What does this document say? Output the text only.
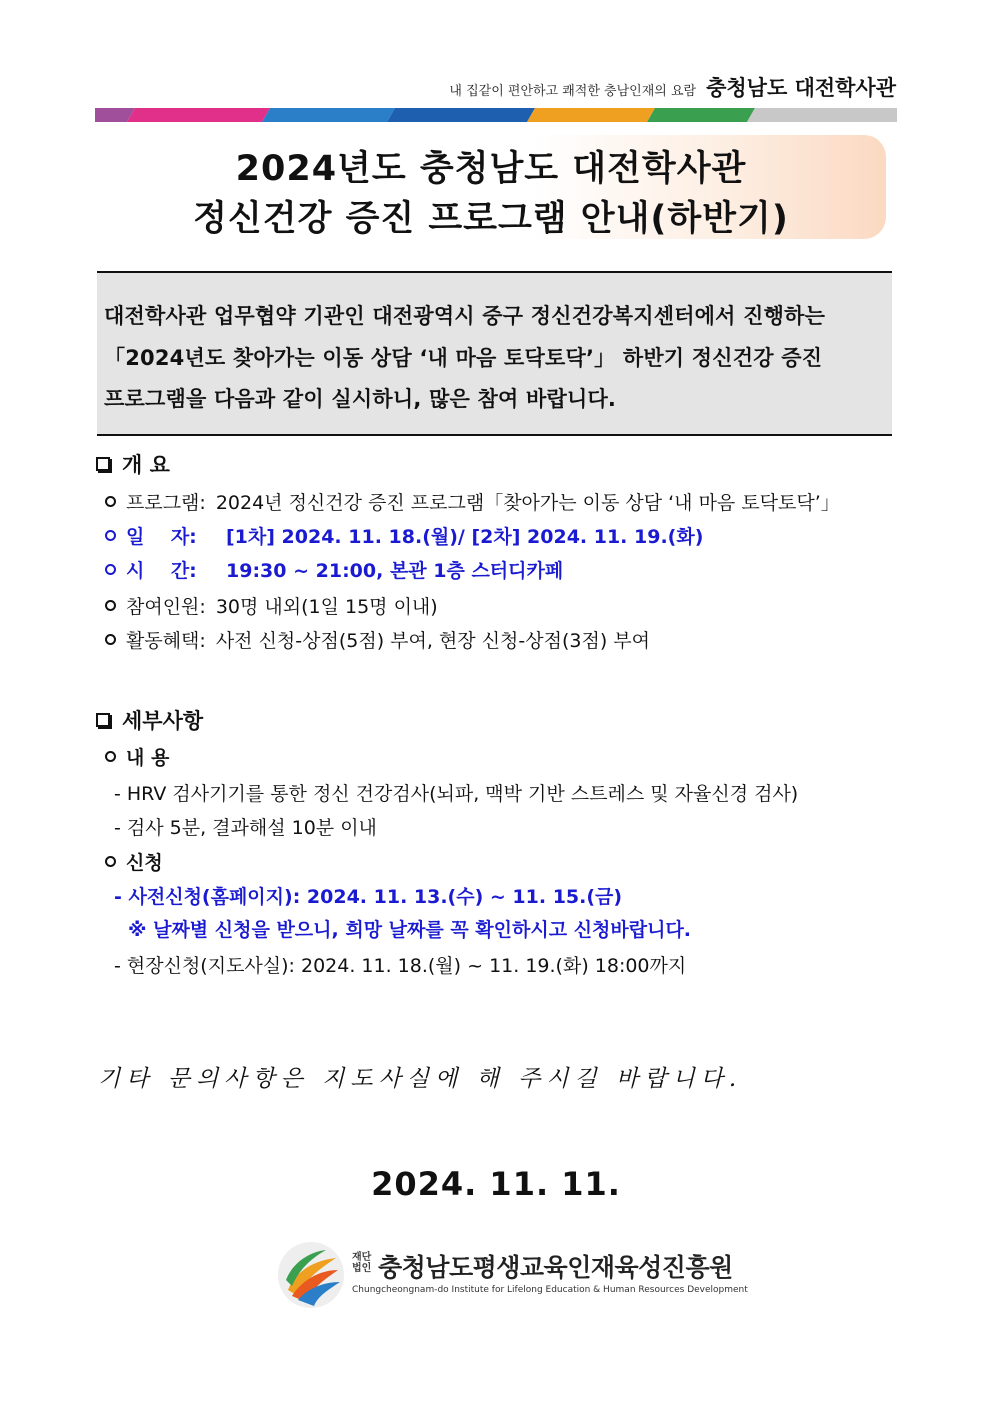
내 집같이 편안하고 쾌적한 충남인재의 요람 충청남도 대전학사관
2024년도 충청남도 대전학사관
정신건강 증진 프로그램 안내(하반기)
대전학사관 업무협약 기관인 대전광역시 중구 정신건강복지센터에서 진행하는
「2024년도 찾아가는 이동 상담 ‘내 마음 토닥토닥’」 하반기 정신건강 증진
프로그램을 다음과 같이 실시하니, 많은 참여 바랍니다.
개 요
프로그램: 2024년 정신건강 증진 프로그램「찾아가는 이동 상담 ‘내 마음 토닥토닥’」
일    자:	[1차] 2024. 11. 18.(월)/ [2차] 2024. 11. 19.(화)
시    간:	19:30 ~ 21:00, 본관 1층 스터디카페
참여인원: 30명 내외(1일 15명 이내)
활동혜택: 사전 신청-상점(5점) 부여, 현장 신청-상점(3점) 부여
세부사항
내 용
- HRV 검사기기를 통한 정신 건강검사(뇌파, 맥박 기반 스트레스 및 자율신경 검사)
- 검사 5분, 결과해설 10분 이내
신청
- 사전신청(홈페이지): 2024. 11. 13.(수) ~ 11. 15.(금)
※ 날짜별 신청을 받으니, 희망 날짜를 꼭 확인하시고 신청바랍니다.
- 현장신청(지도사실): 2024. 11. 18.(월) ~ 11. 19.(화) 18:00까지
기타 문의사항은 지도사실에 해 주시길 바랍니다.
2024. 11. 11.
재단법인 충청남도평생교육인재육성진흥원
Chungcheongnam-do Institute for Lifelong Education & Human Resources Development
